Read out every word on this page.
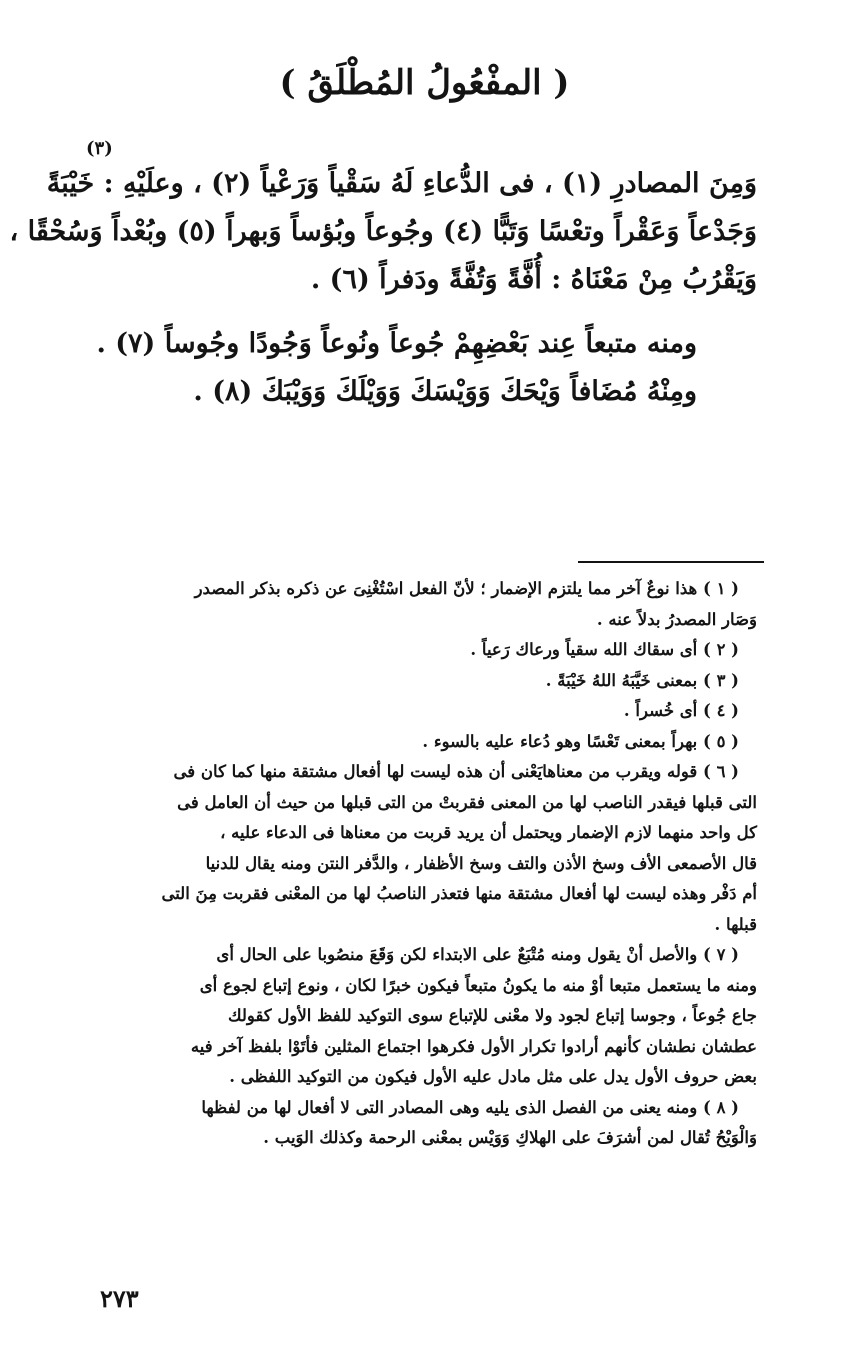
( المفْعُولُ المُطْلَقُ )
(٣)
وَمِنَ المصادرِ (١) ، فى الدُّعاءِ لَهُ سَقْياً وَرَعْياً (٢) ، وعلَيْهِ : خَيْبَةً
وَجَدْعاً وَعَقْراً وتعْسًا وَتَبًّا (٤) وجُوعاً وبُؤساً وَبهراً (٥) وبُعْداً وَسُحْقًا ،
وَيَقْرُبُ مِنْ مَعْنَاهُ : أُفَّةً وَتُفَّةً ودَفراً (٦) .
ومنه متبعاً عِند بَعْضِهِمْ جُوعاً ونُوعاً وَجُودًا وجُوساً (٧) .
ومِنْهُ مُضَافاً وَيْحَكَ وَوَيْسَكَ وَوَيْلَكَ وَوَيْبَكَ (٨) .
( ١ ) هذا نوعٌ آخر مما يلتزم الإضمار ؛ لأنّ الفعل اسْتُغْنِىَ عن ذكره بذكر المصدر
وَصَار المصدرُ بدلاً عنه .
( ٢ ) أى سقاك الله سقياً ورعاك رَعياً .
( ٣ ) بمعنى خَيَّبَهُ اللهُ خَيْبَةً .
( ٤ ) أى خُسراً .
( ٥ ) بهراً بمعنى تَعْسًا وهو دُعاء عليه بالسوء .
( ٦ ) قوله ويقرب من معناهايَعْنى أن هذه ليست لها أفعال مشتقة منها كما كان فى
التى قبلها فيقدر الناصب لها من المعنى فقربتْ من التى قبلها من حيث أن العامل فى
كل واحد منهما لازم الإضمار ويحتمل أن يريد قربت من معناها فى الدعاء عليه ،
قال الأصمعى الأف وسخ الأذن والتف وسخ الأظفار ، والدَّفر النتن ومنه يقال للدنيا
أم دَفْر وهذه ليست لها أفعال مشتقة منها فتعذر الناصبُ لها من المعْنى فقربت مِنَ التى
قبلها .
( ٧ ) والأصل أنْ يقول ومنه مُتْبَعٌ على الابتداء لكن وَقَعَ منصُوبا على الحال أى
ومنه ما يستعمل متبعا أوْ منه ما يكونُ متبعاً فيكون خبرًا لكان ، ونوع إتباع لجوع أى
جاع جُوعاً ، وجوسا إتباع لجود ولا معْنى للإتباع سوى التوكيد للفظ الأول كقولك
عطشان نطشان كأنهم أرادوا تكرار الأول فكرهوا اجتماع المثلين فأتَوْا بلفظ آخر فيه
بعض حروف الأول يدل على مثل مادل عليه الأول فيكون من التوكيد اللفظى .
( ٨ ) ومنه يعنى من الفصل الذى يليه وهى المصادر التى لا أفعال لها من لفظها
وَالْوَيْحُ تُقال لمن أشرَفَ على الهلاكِ وَوَيْس بمعْنى الرحمة وكذلك الوَيب .
٢٧٣
